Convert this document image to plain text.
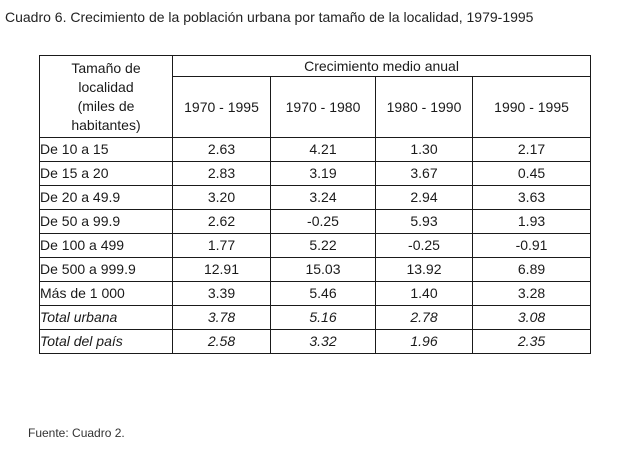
Cuadro 6. Crecimiento de la población urbana por tamaño de la localidad, 1979-1995
Tamaño de
localidad
(miles de
habitantes)	Crecimiento medio anual			
	1970 - 1995	1970 - 1980	1980 - 1990	1990 - 1995
De 10 a 15	2.63	4.21	1.30	2.17
De 15 a 20	2.83	3.19	3.67	0.45
De 20 a 49.9	3.20	3.24	2.94	3.63
De 50 a 99.9	2.62	-0.25	5.93	1.93
De 100 a 499	1.77	5.22	-0.25	-0.91
De 500 a 999.9	12.91	15.03	13.92	6.89
Más de 1 000	3.39	5.46	1.40	3.28
Total urbana	3.78	5.16	2.78	3.08
Total del país	2.58	3.32	1.96	2.35
Fuente: Cuadro 2.
